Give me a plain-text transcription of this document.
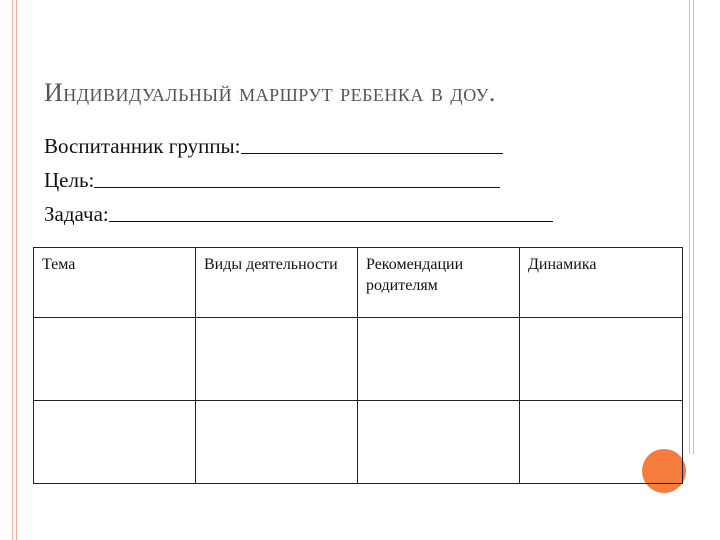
Индивидуальный маршрут ребенка в доу.
Воспитанник группы:
Цель:
Задача:
Тема	Виды деятельности	Рекомендации родителям	Динамика
